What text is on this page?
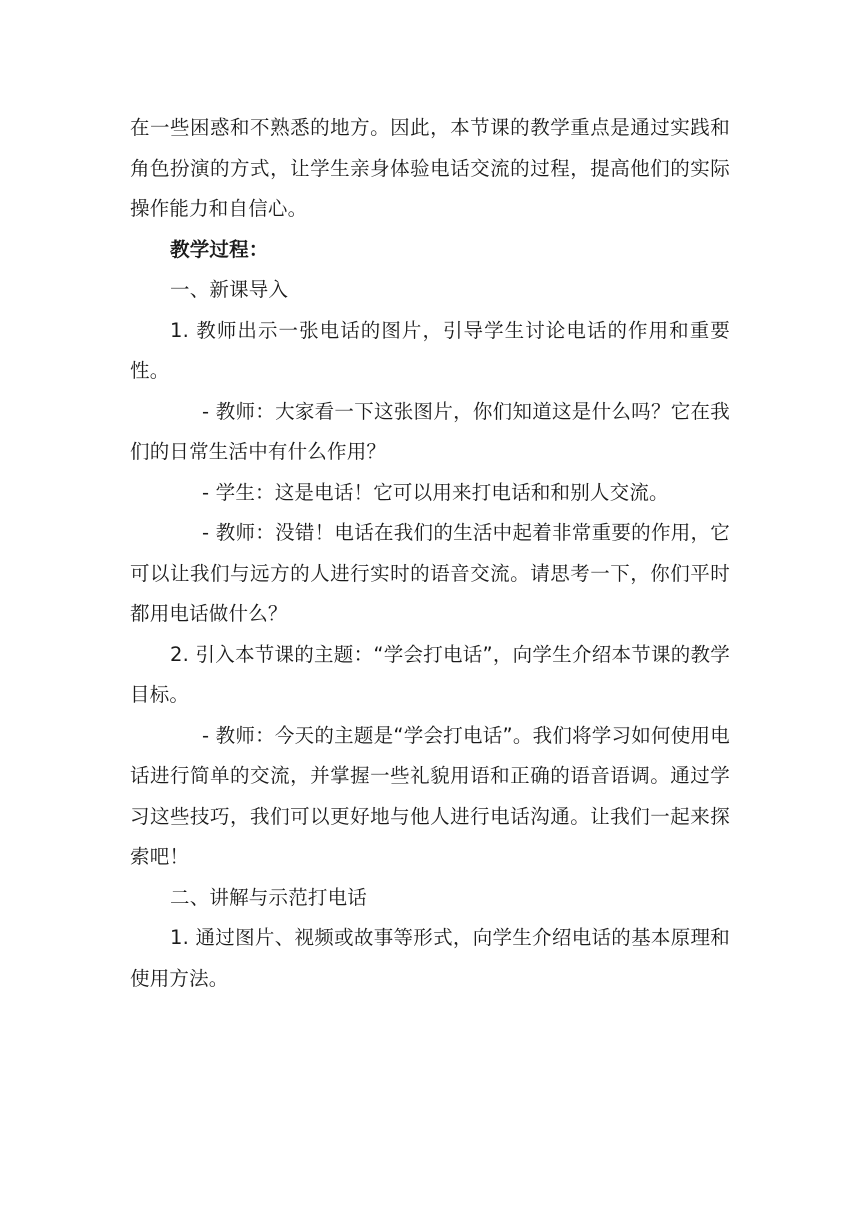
在一些困惑和不熟悉的地方。因此，本节课的教学重点是通过实践和角色扮演的方式，让学生亲身体验电话交流的过程，提高他们的实际操作能力和自信心。

教学过程：

一、新课导入

1. 教师出示一张电话的图片，引导学生讨论电话的作用和重要性。

- 教师：大家看一下这张图片，你们知道这是什么吗？它在我们的日常生活中有什么作用？

- 学生：这是电话！它可以用来打电话和和别人交流。

- 教师：没错！电话在我们的生活中起着非常重要的作用，它可以让我们与远方的人进行实时的语音交流。请思考一下，你们平时都用电话做什么？

2. 引入本节课的主题：“学会打电话”，向学生介绍本节课的教学目标。

- 教师：今天的主题是“学会打电话”。我们将学习如何使用电话进行简单的交流，并掌握一些礼貌用语和正确的语音语调。通过学习这些技巧，我们可以更好地与他人进行电话沟通。让我们一起来探索吧！

二、讲解与示范打电话

1. 通过图片、视频或故事等形式，向学生介绍电话的基本原理和使用方法。
